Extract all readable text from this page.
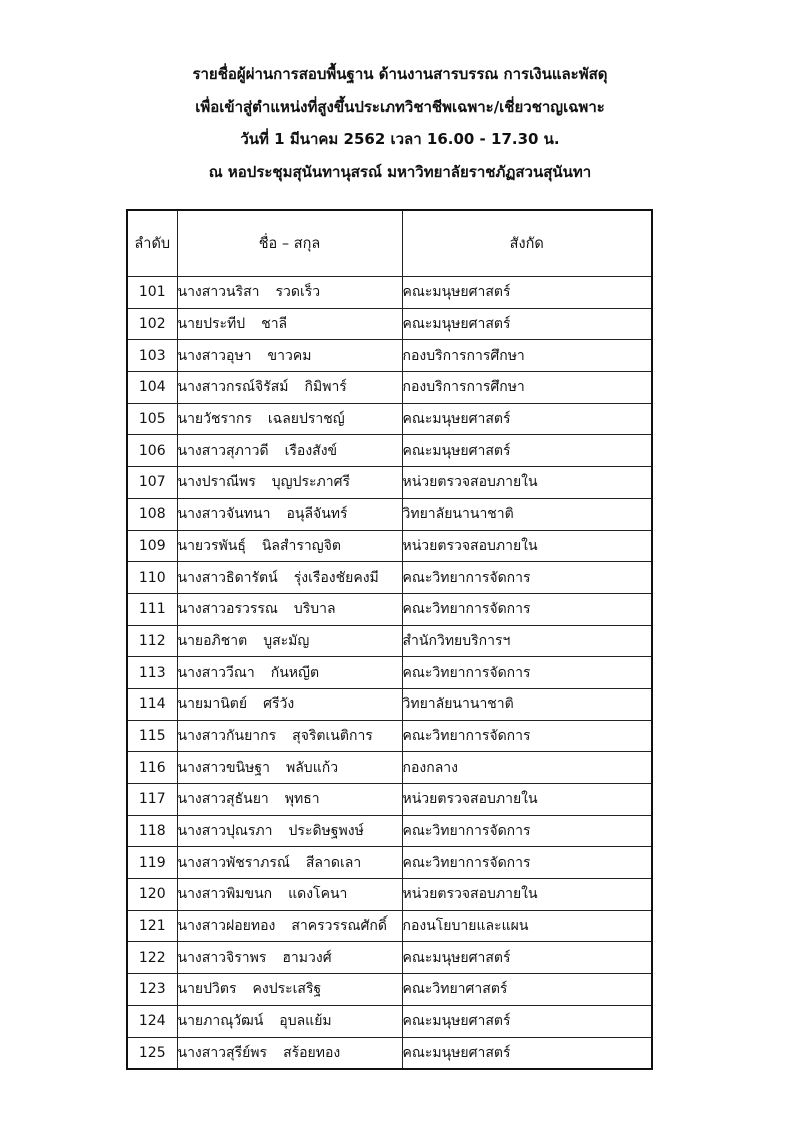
รายชื่อผู้ผ่านการสอบพื้นฐาน ด้านงานสารบรรณ การเงินและพัสดุ
เพื่อเข้าสู่ตำแหน่งที่สูงขึ้นประเภทวิชาชีพเฉพาะ/เชี่ยวชาญเฉพาะ
วันที่ 1 มีนาคม 2562 เวลา 16.00 - 17.30 น.
ณ หอประชุมสุนันทานุสรณ์ มหาวิทยาลัยราชภัฏสวนสุนันทา
ลำดับ	ชื่อ – สกุล	สังกัด
101	นางสาวนริสา รวดเร็ว	คณะมนุษยศาสตร์
102	นายประทีป ชาลี	คณะมนุษยศาสตร์
103	นางสาวอุษา ขาวคม	กองบริการการศึกษา
104	นางสาวกรณ์จิรัสม์ กิมิพาร์	กองบริการการศึกษา
105	นายวัชรากร เฉลยปราชญ์	คณะมนุษยศาสตร์
106	นางสาวสุภาวดี เรืองสังข์	คณะมนุษยศาสตร์
107	นางปราณีพร บุญประภาศรี	หน่วยตรวจสอบภายใน
108	นางสาวจันทนา อนุลีจันทร์	วิทยาลัยนานาชาติ
109	นายวรพันธุ์ นิลสำราญจิต	หน่วยตรวจสอบภายใน
110	นางสาวธิดารัตน์ รุ่งเรืองชัยคงมี	คณะวิทยาการจัดการ
111	นางสาวอรวรรณ บริบาล	คณะวิทยาการจัดการ
112	นายอภิชาต บูสะมัญ	สำนักวิทยบริการฯ
113	นางสาววีณา กันหญีต	คณะวิทยาการจัดการ
114	นายมานิตย์ ศรีวัง	วิทยาลัยนานาชาติ
115	นางสาวกันยากร สุจริตเนติการ	คณะวิทยาการจัดการ
116	นางสาวขนิษฐา พลับแก้ว	กองกลาง
117	นางสาวสุธันยา พุทธา	หน่วยตรวจสอบภายใน
118	นางสาวปุณรภา ประดิษฐพงษ์	คณะวิทยาการจัดการ
119	นางสาวพัชราภรณ์ สีลาดเลา	คณะวิทยาการจัดการ
120	นางสาวพิมขนก แดงโคนา	หน่วยตรวจสอบภายใน
121	นางสาวฝอยทอง สาครวรรณศักดิ์	กองนโยบายและแผน
122	นางสาวจิราพร ฮามวงศ์	คณะมนุษยศาสตร์
123	นายปวิตร คงประเสริฐ	คณะวิทยาศาสตร์
124	นายภาณุวัฒน์ อุบลแย้ม	คณะมนุษยศาสตร์
125	นางสาวสุรีย์พร สร้อยทอง	คณะมนุษยศาสตร์
